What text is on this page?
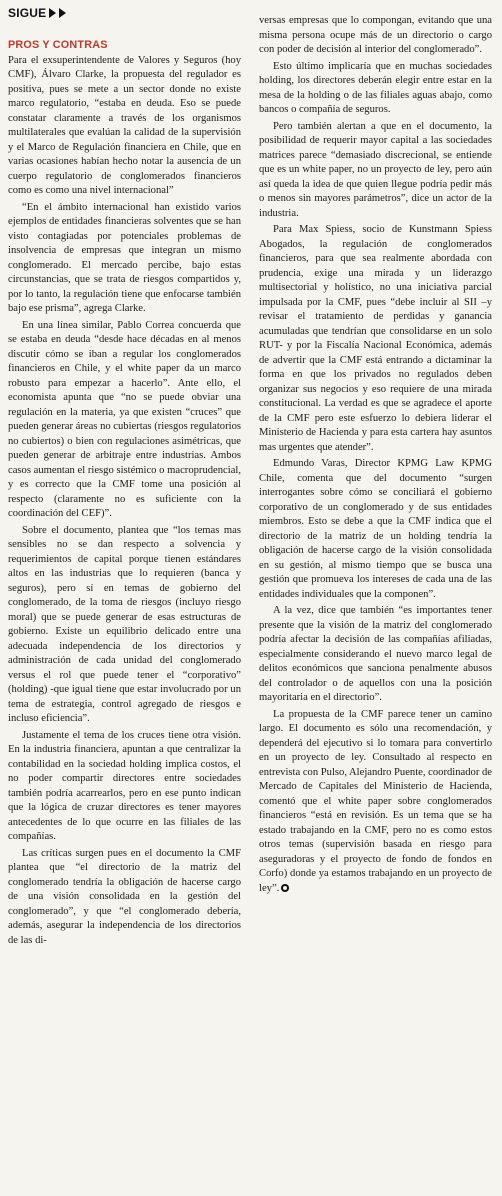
SIGUE
PROS Y CONTRAS

Para el exsuperintendente de Valores y Seguros (hoy CMF), Álvaro Clarke, la propuesta del regulador es positiva, pues se mete a un sector donde no existe marco regulatorio, “estaba en deuda. Eso se puede constatar claramente a través de los organismos multilaterales que evalúan la calidad de la supervisión y el Marco de Regulación financiera en Chile, que en varias ocasiones habían hecho notar la ausencia de un cuerpo regulatorio de conglomerados financieros como es como una nivel internacional”

“En el ámbito internacional han existido varios ejemplos de entidades financieras solventes que se han visto contagiadas por potenciales problemas de insolvencia de empresas que integran un mismo conglomerado. El mercado percibe, bajo estas circunstancias, que se trata de riesgos compartidos y, por lo tanto, la regulación tiene que enfocarse también bajo ese prisma”, agrega Clarke.

En una línea similar, Pablo Correa concuerda que se estaba en deuda “desde hace décadas en al menos discutir cómo se iban a regular los conglomerados financieros en Chile, y el white paper da un marco robusto para empezar a hacerlo”. Ante ello, el economista apunta que “no se puede obviar una regulación en la materia, ya que existen “cruces” que pueden generar áreas no cubiertas (riesgos regulatorios no cubiertos) o bien con regulaciones asimétricas, que pueden generar de arbitraje entre industrias. Ambos casos aumentan el riesgo sistémico o macroprudencial, y es correcto que la CMF tome una posición al respecto (claramente no es suficiente con la coordinación del CEF)”.

Sobre el documento, plantea que “los temas mas sensibles no se dan respecto a solvencia y requerimientos de capital porque tienen estándares altos en las industrias que lo requieren (banca y seguros), pero sí en temas de gobierno del conglomerado, de la toma de riesgos (incluyo riesgo moral) que se puede generar de esas estructuras de gobierno. Existe un equilibrio delicado entre una adecuada independencia de los directorios y administración de cada unidad del conglomerado versus el rol que puede tener el “corporativo” (holding) -que igual tiene que estar involucrado por un tema de estrategia, control agregado de riesgos e incluso eficiencia”.

Justamente el tema de los cruces tiene otra visión. En la industria financiera, apuntan a que centralizar la contabilidad en la sociedad holding implica costos, el no poder compartir directores entre sociedades también podría acarrearlos, pero en ese punto indican que la lógica de cruzar directores es tener mayores antecedentes de lo que ocurre en las filiales de las compañías.

Las críticas surgen pues en el documento la CMF plantea que “el directorio de la matriz del conglomerado tendría la obligación de hacerse cargo de una visión consolidada en la gestión del conglomerado”, y que “el conglomerado debería, además, asegurar la independencia de los directorios de las di-

versas empresas que lo compongan, evitando que una misma persona ocupe más de un directorio o cargo con poder de decisión al interior del conglomerado”.

Esto último implicaría que en muchas sociedades holding, los directores deberán elegir entre estar en la mesa de la holding o de las filiales aguas abajo, como bancos o compañía de seguros.

Pero también alertan a que en el documento, la posibilidad de requerir mayor capital a las sociedades matrices parece “demasiado discrecional, se entiende que es un white paper, no un proyecto de ley, pero aún así queda la idea de que quien llegue podría pedir más o menos sin mayores parámetros”, dice un actor de la industria.

Para Max Spiess, socio de Kunstmann Spiess Abogados, la regulación de conglomerados financieros, para que sea realmente abordada con prudencia, exige una mirada y un liderazgo multisectorial y holístico, no una iniciativa parcial impulsada por la CMF, pues “debe incluir al SII –y revisar el tratamiento de perdidas y ganancia acumuladas que tendrían que consolidarse en un solo RUT- y por la Fiscalía Nacional Económica, además de advertir que la CMF está entrando a dictaminar la forma en que los privados no regulados deben organizar sus negocios y eso requiere de una mirada constitucional. La verdad es que se agradece el aporte de la CMF pero este esfuerzo lo debiera liderar el Ministerio de Hacienda y para esta cartera hay asuntos mas urgentes que atender”.

Edmundo Varas, Director KPMG Law KPMG Chile, comenta que del documento “surgen interrogantes sobre cómo se conciliará el gobierno corporativo de un conglomerado y de sus entidades miembros. Esto se debe a que la CMF indica que el directorio de la matriz de un holding tendría la obligación de hacerse cargo de la visión consolidada en su gestión, al mismo tiempo que se busca una gestión que promueva los intereses de cada una de las entidades individuales que la componen”.

A la vez, dice que también “es importantes tener presente que la visión de la matriz del conglomerado podría afectar la decisión de las compañías afiliadas, especialmente considerando el nuevo marco legal de delitos económicos que sanciona penalmente abusos del controlador o de aquellos con una la posición mayoritaria en el directorio”.

La propuesta de la CMF parece tener un camino largo. El documento es sólo una recomendación, y dependerá del ejecutivo si lo tomara para convertirlo en un proyecto de ley. Consultado al respecto en entrevista con Pulso, Alejandro Puente, coordinador de Mercado de Capitales del Ministerio de Hacienda, comentó que el white paper sobre conglomerados financieros “está en revisión. Es un tema que se ha estado trabajando en la CMF, pero no es como estos otros temas (supervisión basada en riesgo para aseguradoras y el proyecto de fondo de fondos en Corfo) donde ya estamos trabajando en un proyecto de ley”.
